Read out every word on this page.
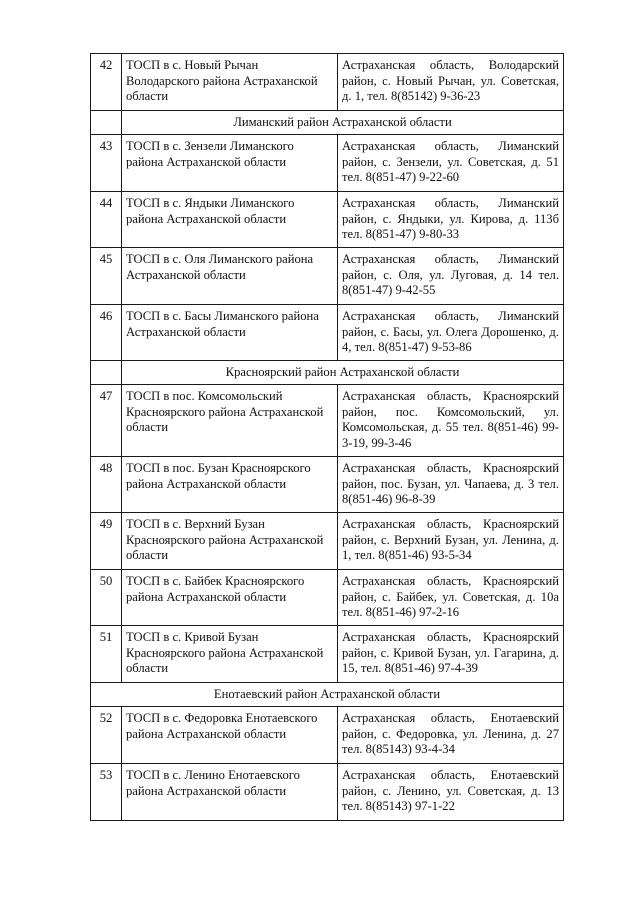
42	ТОСП в с. Новый Рычан Володарского района Астраханской области	Астраханская область, Володарский район, с. Новый Рычан, ул. Советская, д. 1, тел. 8(85142) 9-36-23
	Лиманский район Астраханской области	
43	ТОСП в с. Зензели Лиманского района Астраханской области	Астраханская область, Лиманский район, с. Зензели, ул. Советская, д. 51 тел. 8(851-47) 9-22-60
44	ТОСП в с. Яндыки Лиманского района Астраханской области	Астраханская область, Лиманский район, с. Яндыки, ул. Кирова, д. 113б тел. 8(851-47) 9-80-33
45	ТОСП в с. Оля Лиманского района Астраханской области	Астраханская область, Лиманский район, с. Оля, ул. Луговая, д. 14 тел. 8(851-47) 9-42-55
46	ТОСП в с. Басы Лиманского района Астраханской области	Астраханская область, Лиманский район, с. Басы, ул. Олега Дорошенко, д. 4, тел. 8(851-47) 9-53-86
	Красноярский район Астраханской области	
47	ТОСП в пос. Комсомольский Красноярского района Астраханской области	Астраханская область, Красноярский район, пос. Комсомольский, ул. Комсомольская, д. 55 тел. 8(851-46) 99-3-19, 99-3-46
48	ТОСП в пос. Бузан Красноярского района Астраханской области	Астраханская область, Красноярский район, пос. Бузан, ул. Чапаева, д. 3 тел. 8(851-46) 96-8-39
49	ТОСП в с. Верхний Бузан Красноярского района Астраханской области	Астраханская область, Красноярский район, с. Верхний Бузан, ул. Ленина, д. 1, тел. 8(851-46) 93-5-34
50	ТОСП в с. Байбек Красноярского района Астраханской области	Астраханская область, Красноярский район, с. Байбек, ул. Советская, д. 10а тел. 8(851-46) 97-2-16
51	ТОСП в с. Кривой Бузан Красноярского района Астраханской области	Астраханская область, Красноярский район, с. Кривой Бузан, ул. Гагарина, д. 15, тел. 8(851-46) 97-4-39
Енотаевский район Астраханской области		
52	ТОСП в с. Федоровка Енотаевского района Астраханской области	Астраханская область, Енотаевский район, с. Федоровка, ул. Ленина, д. 27 тел. 8(85143) 93-4-34
53	ТОСП в с. Ленино Енотаевского района Астраханской области	Астраханская область, Енотаевский район, с. Ленино, ул. Советская, д. 13 тел. 8(85143) 97-1-22
